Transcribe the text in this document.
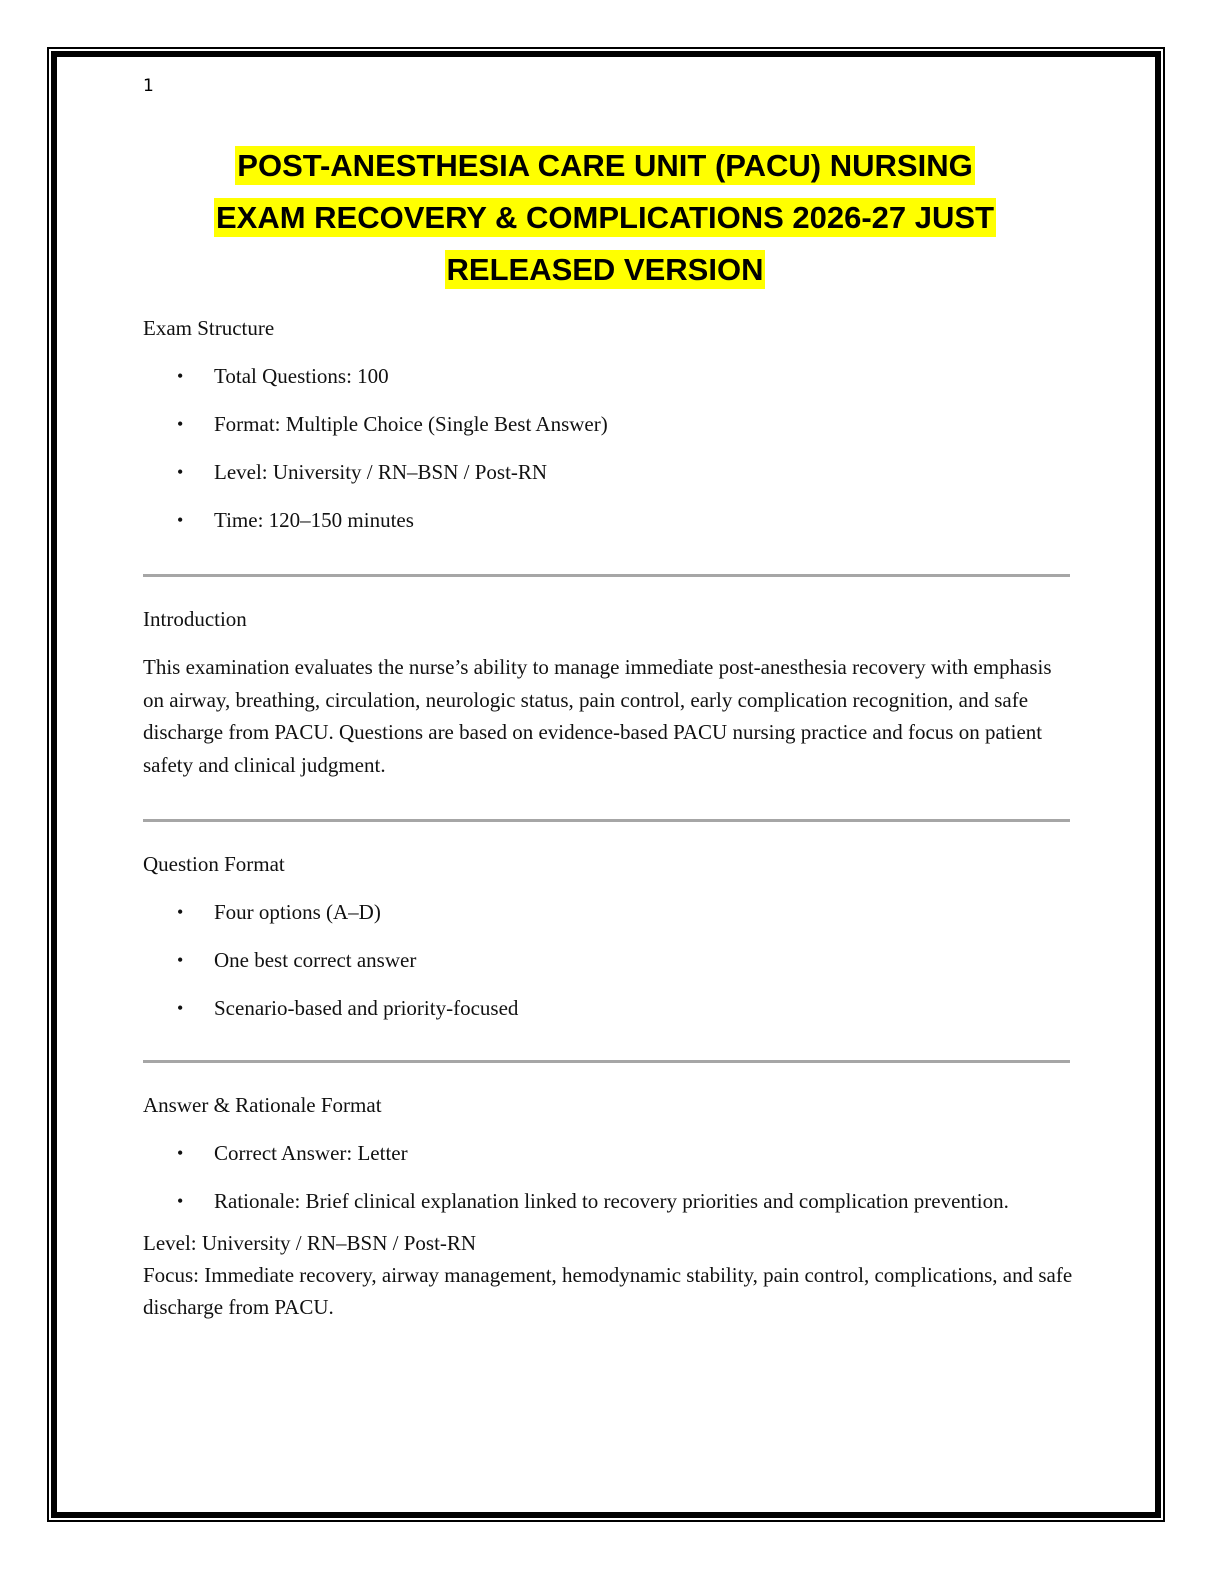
1
POST-ANESTHESIA CARE UNIT (PACU) NURSING
EXAM RECOVERY & COMPLICATIONS 2026-27 JUST
RELEASED VERSION

Exam Structure

• Total Questions: 100
• Format: Multiple Choice (Single Best Answer)
• Level: University / RN–BSN / Post-RN
• Time: 120–150 minutes

Introduction

This examination evaluates the nurse’s ability to manage immediate post-anesthesia recovery with emphasis on airway, breathing, circulation, neurologic status, pain control, early complication recognition, and safe discharge from PACU. Questions are based on evidence-based PACU nursing practice and focus on patient safety and clinical judgment.

Question Format

• Four options (A–D)
• One best correct answer
• Scenario-based and priority-focused

Answer & Rationale Format

• Correct Answer: Letter
• Rationale: Brief clinical explanation linked to recovery priorities and complication prevention.

Level: University / RN–BSN / Post-RN

Focus: Immediate recovery, airway management, hemodynamic stability, pain control, complications, and safe discharge from PACU.
